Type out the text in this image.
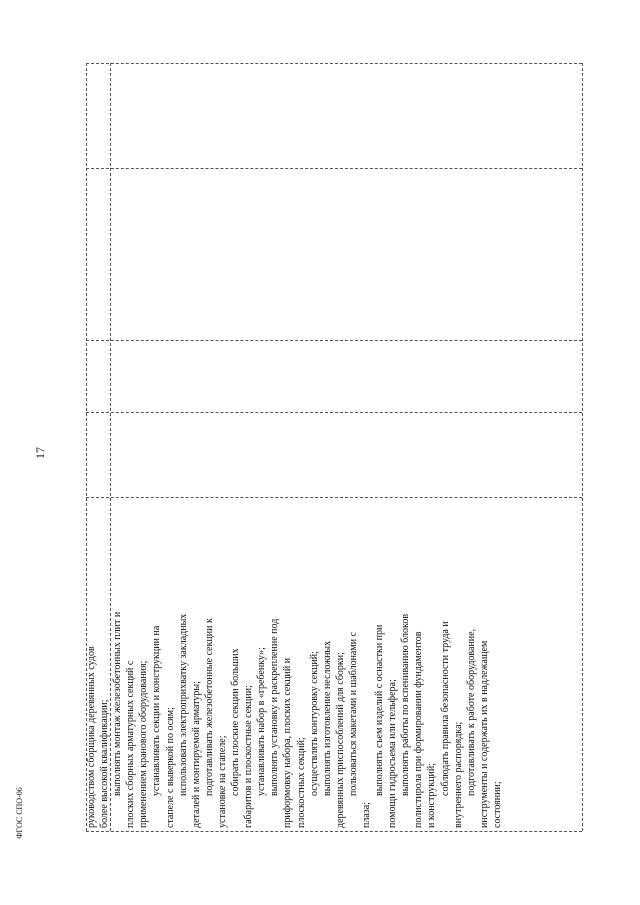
17
руководством сборщика деревянных судов более высокой квалификации; выполнять монтаж железобетонных плит и плоских сборных арматурных секций с применением кранового оборудования; устанавливать секции и конструкции на стапеле с выверкой по осям; использовать электроприхватку закладных деталей и монтируемой арматуры; подготавливать железобетонные секции к установке на стапеле; собирать плоские секции больших габаритов и плоскостные секции; устанавливать набор в «гребенку»; выполнять установку и раскрепление под приформовку набора, плоских секций и плоскостных секций; осуществлять контуровку секций; выполнять изготовление несложных деревянных приспособлений для сборки; пользоваться макетами и шаблонами с
плаза;
выполнять съем изделий с оснастки при помощи гидросъема или тельфера; выполнять работы по вспениванию блоков полистирола при формировании фундаментов и конструкций; соблюдать правила безопасности труда и внутреннего распорядка; подготавливать к работе оборудование, инструменты и содержать их в надлежащем состоянии;
ФГОС СПО-06
